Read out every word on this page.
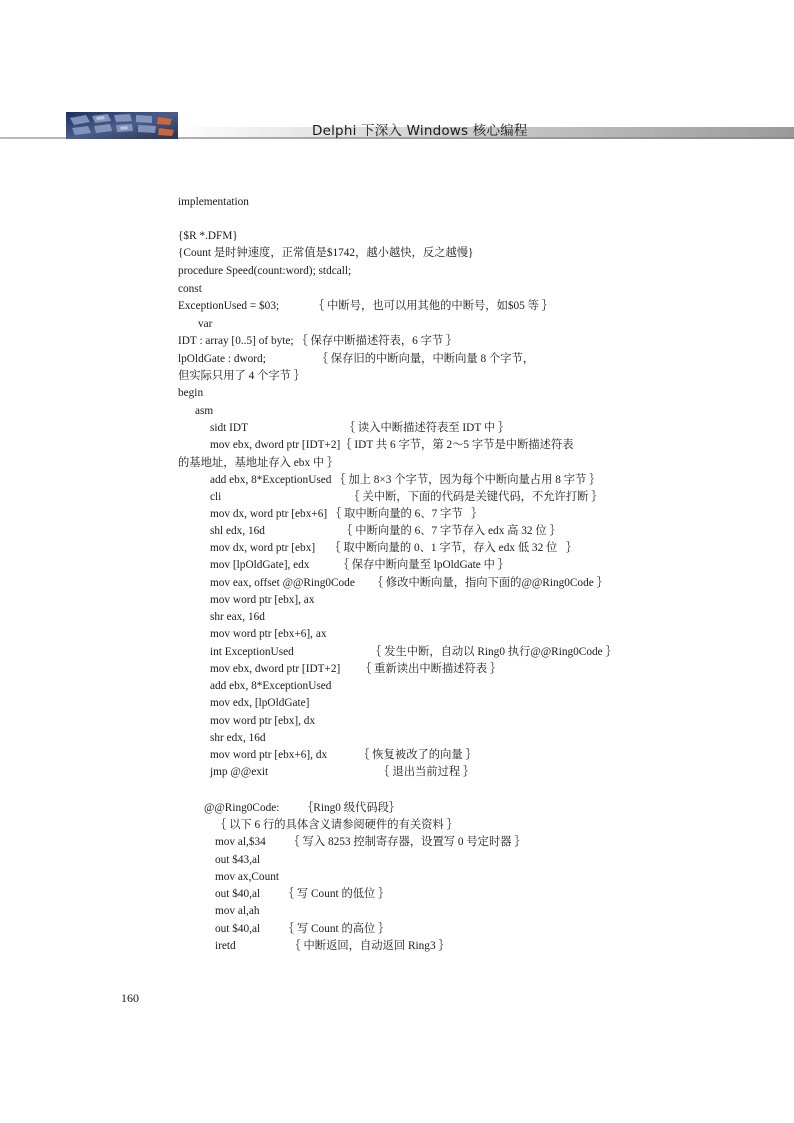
Delphi 下深入 Windows 核心编程
implementation
{$R *.DFM}
{Count 是时钟速度，正常值是$1742，越小越快，反之越慢}
procedure Speed(count:word); stdcall;
const
ExceptionUsed = $03;            ｛ 中断号，也可以用其他的中断号，如$05 等 ｝
var
IDT : array [0..5] of byte; ｛ 保存中断描述符表，6 字节 ｝
lpOldGate : dword;                  ｛ 保存旧的中断向量，中断向量 8 个字节，
但实际只用了 4 个字节 ｝
begin
asm
sidt IDT                                  ｛ 读入中断描述符表至 IDT 中 ｝
mov ebx, dword ptr [IDT+2]｛ IDT 共 6 字节，第 2～5 字节是中断描述符表
的基地址，基地址存入 ebx 中 ｝
add ebx, 8*ExceptionUsed ｛ 加上 8×3 个字节，因为每个中断向量占用 8 字节 ｝
cli                                             ｛ 关中断，下面的代码是关键代码，不允许打断 ｝
mov dx, word ptr [ebx+6] ｛ 取中断向量的 6、7 字节   ｝
shl edx, 16d                           ｛ 中断向量的 6、7 字节存入 edx 高 32 位 ｝
mov dx, word ptr [ebx]     ｛ 取中断向量的 0、1 字节，存入 edx 低 32 位   ｝
mov [lpOldGate], edx          ｛ 保存中断向量至 lpOldGate 中 ｝
mov eax, offset @@Ring0Code      ｛ 修改中断向量，指向下面的@@Ring0Code ｝
mov word ptr [ebx], ax
shr eax, 16d
mov word ptr [ebx+6], ax
int ExceptionUsed                           ｛ 发生中断，自动以 Ring0 执行@@Ring0Code ｝
mov ebx, dword ptr [IDT+2]       ｛ 重新读出中断描述符表 ｝
add ebx, 8*ExceptionUsed
mov edx, [lpOldGate]
mov word ptr [ebx], dx
shr edx, 16d
mov word ptr [ebx+6], dx           ｛ 恢复被改了的向量 ｝
jmp @@exit                                       ｛ 退出当前过程 ｝
@@Ring0Code:        ｛Ring0 级代码段｝
｛ 以下 6 行的具体含义请参阅硬件的有关资料 ｝
mov al,$34        ｛ 写入 8253 控制寄存器，设置写 0 号定时器 ｝
out $43,al
mov ax,Count
out $40,al        ｛ 写 Count 的低位 ｝
mov al,ah
out $40,al        ｛ 写 Count 的高位 ｝
iretd                   ｛ 中断返回，自动返回 Ring3 ｝
160
